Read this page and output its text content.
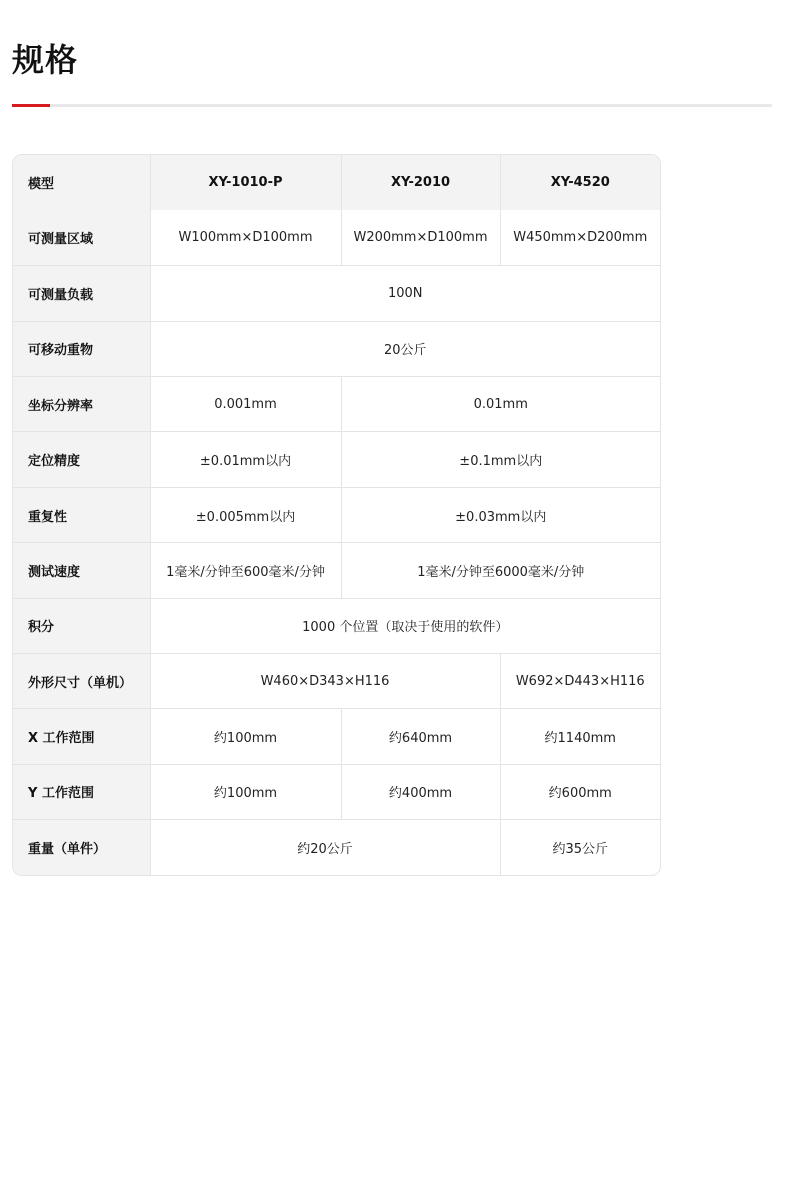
规格
模型	XY-1010-P	XY-2010	XY-4520
可测量区域	W100mm×D100mm	W200mm×D100mm	W450mm×D200mm
可测量负载	100N		
可移动重物	20公斤		
坐标分辨率	0.001mm	0.01mm	
定位精度	±0.01mm以内	±0.1mm以内	
重复性	±0.005mm以内	±0.03mm以内	
测试速度	1毫米/分钟至600毫米/分钟	1毫米/分钟至6000毫米/分钟	
积分	1000 个位置（取决于使用的软件）		
外形尺寸（单机）	W460×D343×H116		W692×D443×H116
X 工作范围	约100mm	约640mm	约1140mm
Y 工作范围	约100mm	约400mm	约600mm
重量（单件）	约20公斤		约35公斤
